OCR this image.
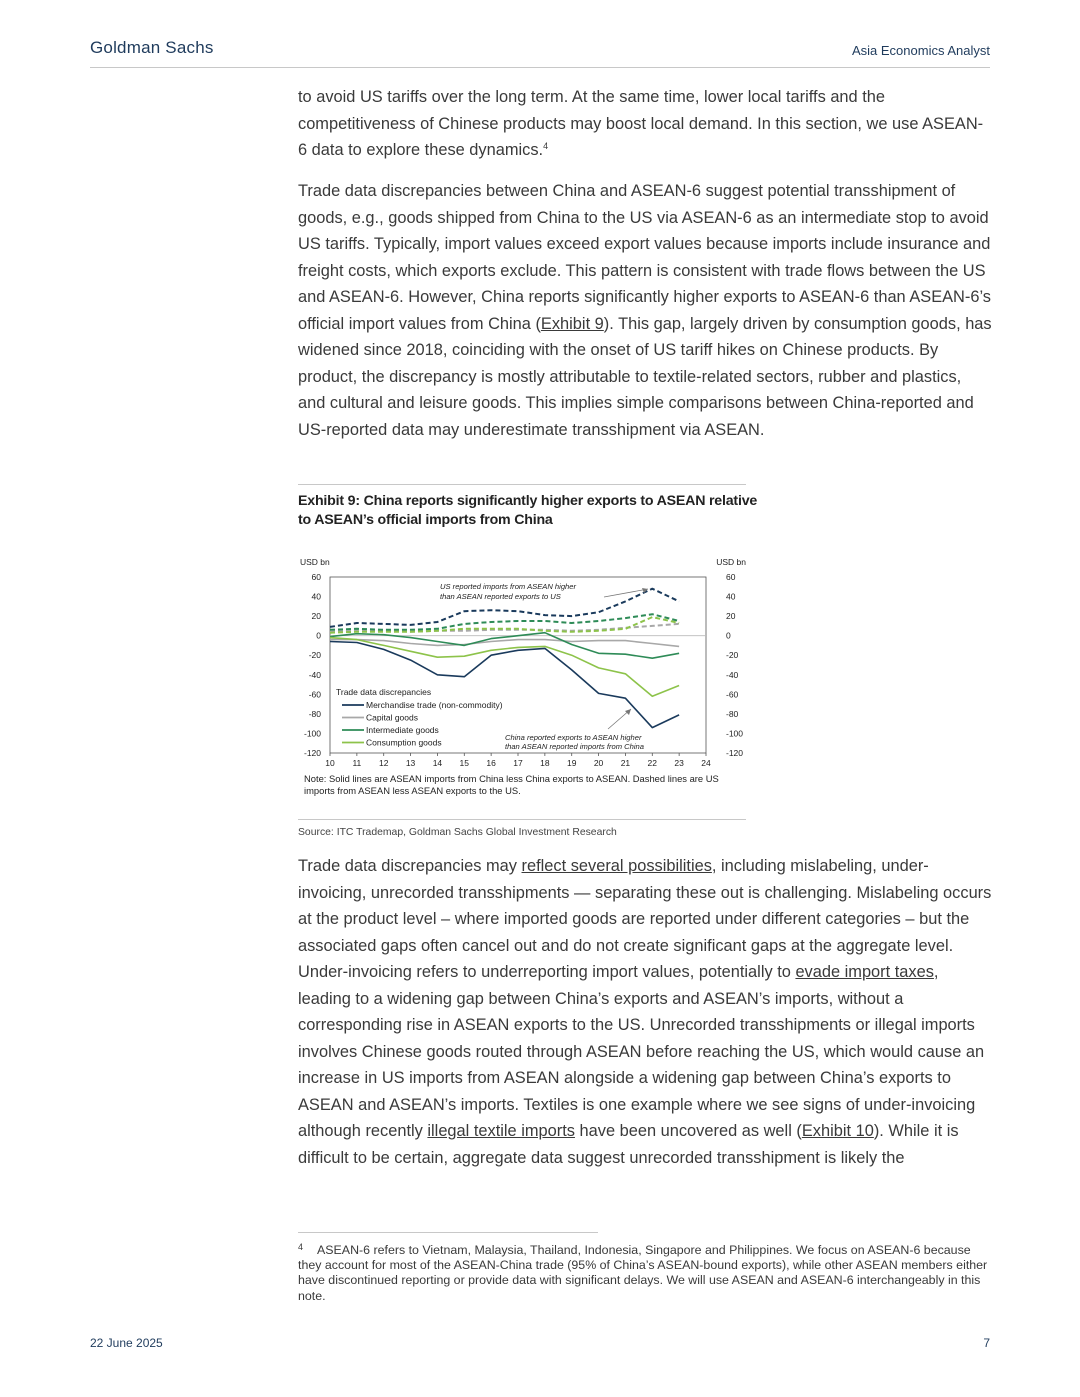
Goldman Sachs	Asia Economics Analyst

to avoid US tariffs over the long term. At the same time, lower local tariffs and the competitiveness of Chinese products may boost local demand. In this section, we use ASEAN-6 data to explore these dynamics.$^4$

Trade data discrepancies between China and ASEAN-6 suggest potential transshipment of goods, e.g., goods shipped from China to the US via ASEAN-6 as an intermediate stop to avoid US tariffs. Typically, import values exceed export values because imports include insurance and freight costs, which exports exclude. This pattern is consistent with trade flows between the US and ASEAN-6. However, China reports significantly higher exports to ASEAN-6 than ASEAN-6’s official import values from China (Exhibit 9). This gap, largely driven by consumption goods, has widened since 2018, coinciding with the onset of US tariff hikes on Chinese products. By product, the discrepancy is mostly attributable to textile-related sectors, rubber and plastics, and cultural and leisure goods. This implies simple comparisons between China-reported and US-reported data may underestimate transshipment via ASEAN.

Exhibit 9: China reports significantly higher exports to ASEAN relative to ASEAN’s official imports from China
USD bn	USD bn
60	60
40	40
20	20
0	0
-20	-20
-40	-40
-60	-60
-80	-80
-100	-100
-120	-120
10 11 12 13 14 15 16 17 18 19 20 21 22 23 24
US reported imports from ASEAN higher
than ASEAN reported exports to US
China reported exports to ASEAN higher
than ASEAN reported imports from China
Trade data discrepancies
Merchandise trade (non-commodity)
Capital goods
Intermediate goods
Consumption goods
Note: Solid lines are ASEAN imports from China less China exports to ASEAN. Dashed lines are US imports from ASEAN less ASEAN exports to the US.
Source: ITC Trademap, Goldman Sachs Global Investment Research

Trade data discrepancies may reflect several possibilities, including mislabeling, under-invoicing, unrecorded transshipments — separating these out is challenging. Mislabeling occurs at the product level – where imported goods are reported under different categories – but the associated gaps often cancel out and do not create significant gaps at the aggregate level. Under-invoicing refers to underreporting import values, potentially to evade import taxes, leading to a widening gap between China’s exports and ASEAN’s imports, without a corresponding rise in ASEAN exports to the US. Unrecorded transshipments or illegal imports involves Chinese goods routed through ASEAN before reaching the US, which would cause an increase in US imports from ASEAN alongside a widening gap between China’s exports to ASEAN and ASEAN’s imports. Textiles is one example where we see signs of under-invoicing although recently illegal textile imports have been uncovered as well (Exhibit 10). While it is difficult to be certain, aggregate data suggest unrecorded transshipment is likely the

$^4$ ASEAN-6 refers to Vietnam, Malaysia, Thailand, Indonesia, Singapore and Philippines. We focus on ASEAN-6 because they account for most of the ASEAN-China trade (95% of China’s ASEAN-bound exports), while other ASEAN members either have discontinued reporting or provide data with significant delays. We will use ASEAN and ASEAN-6 interchangeably in this note.
22 June 2025	7
